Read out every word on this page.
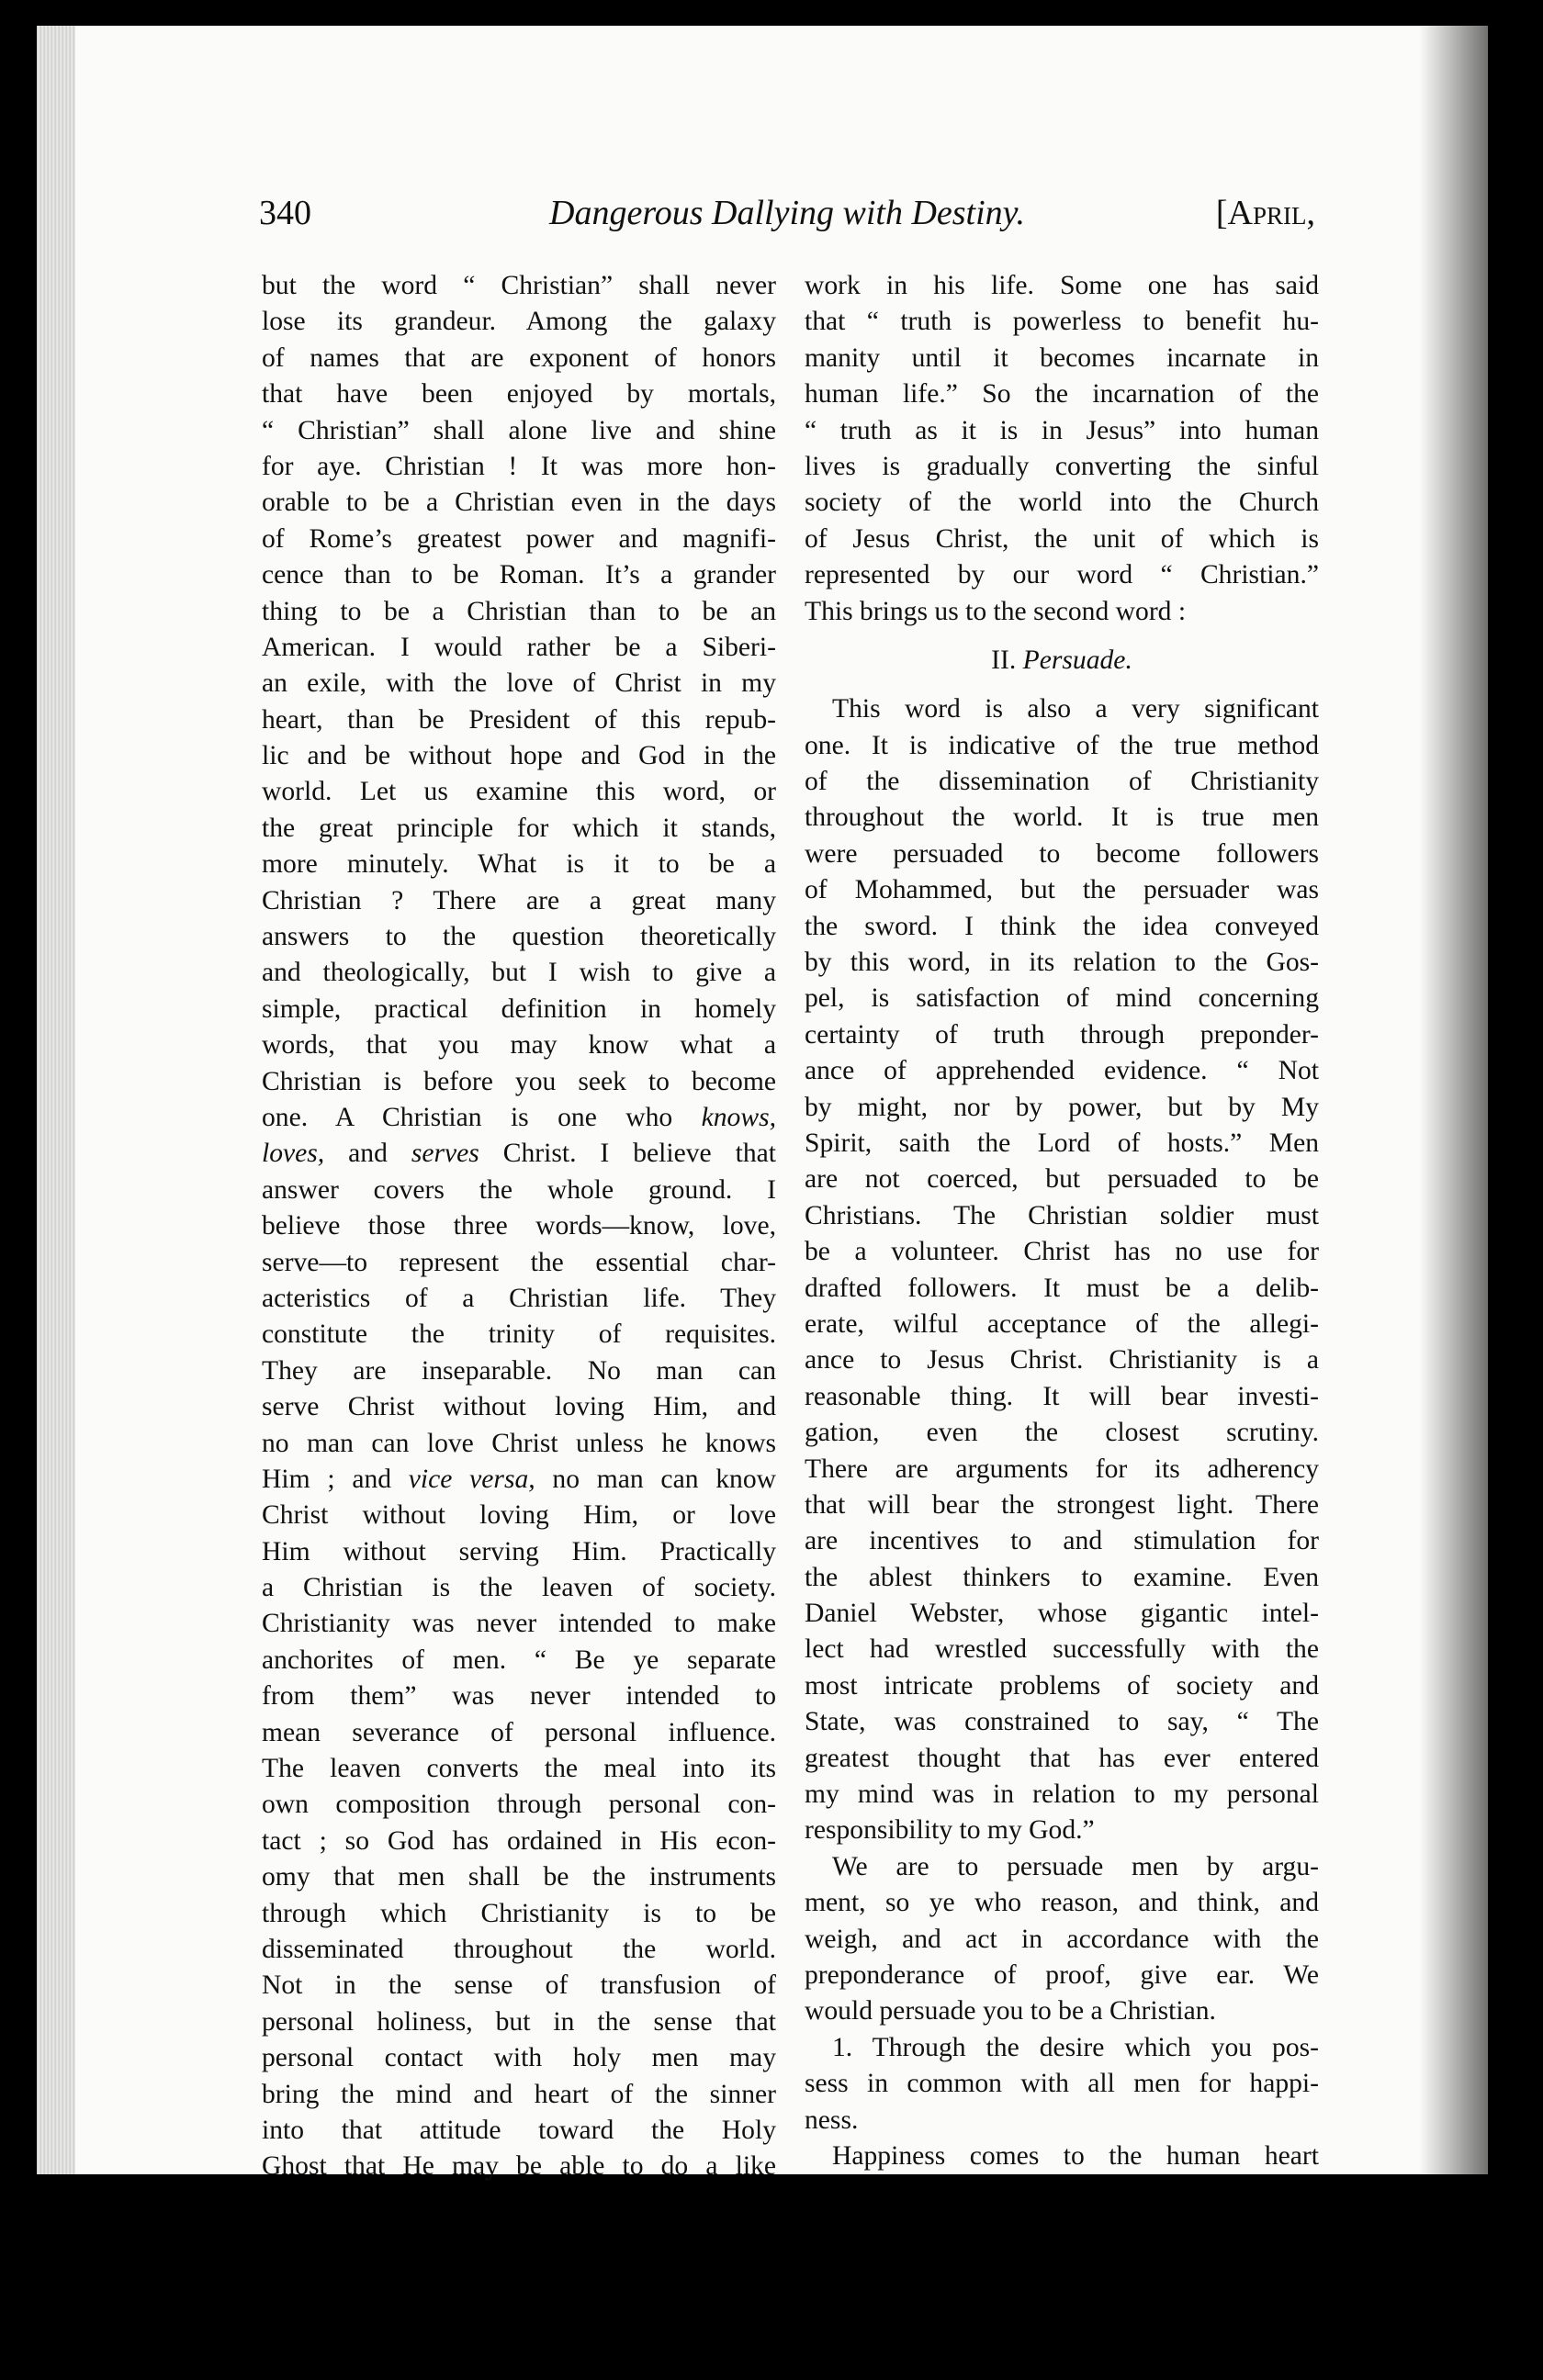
340	Dangerous Dallying with Destiny.	[April,
but the word “ Christian” shall never
lose its grandeur. Among the galaxy
of names that are exponent of honors
that have been enjoyed by mortals,
“ Christian” shall alone live and shine
for aye. Christian ! It was more hon-
orable to be a Christian even in the days
of Rome’s greatest power and magnifi-
cence than to be Roman. It’s a grander
thing to be a Christian than to be an
American. I would rather be a Siberi-
an exile, with the love of Christ in my
heart, than be President of this repub-
lic and be without hope and God in the
world. Let us examine this word, or
the great principle for which it stands,
more minutely. What is it to be a
Christian ? There are a great many
answers to the question theoretically
and theologically, but I wish to give a
simple, practical definition in homely
words, that you may know what a
Christian is before you seek to become
one. A Christian is one who knows,
loves, and serves Christ. I believe that
answer covers the whole ground. I
believe those three words—know, love,
serve—to represent the essential char-
acteristics of a Christian life. They
constitute the trinity of requisites.
They are inseparable. No man can
serve Christ without loving Him, and
no man can love Christ unless he knows
Him ; and vice versa, no man can know
Christ without loving Him, or love
Him without serving Him. Practically
a Christian is the leaven of society.
Christianity was never intended to make
anchorites of men. “ Be ye separate
from them” was never intended to
mean severance of personal influence.
The leaven converts the meal into its
own composition through personal con-
tact ; so God has ordained in His econ-
omy that men shall be the instruments
through which Christianity is to be
disseminated throughout the world.
Not in the sense of transfusion of
personal holiness, but in the sense that
personal contact with holy men may
bring the mind and heart of the sinner
into that attitude toward the Holy
Ghost that He may be able to do a like
work in his life. Some one has said
that “ truth is powerless to benefit hu-
manity until it becomes incarnate in
human life.” So the incarnation of the
“ truth as it is in Jesus” into human
lives is gradually converting the sinful
society of the world into the Church
of Jesus Christ, the unit of which is
represented by our word “ Christian.”
This brings us to the second word :
II. Persuade.
This word is also a very significant
one. It is indicative of the true method
of the dissemination of Christianity
throughout the world. It is true men
were persuaded to become followers
of Mohammed, but the persuader was
the sword. I think the idea conveyed
by this word, in its relation to the Gos-
pel, is satisfaction of mind concerning
certainty of truth through preponder-
ance of apprehended evidence. “ Not
by might, nor by power, but by My
Spirit, saith the Lord of hosts.” Men
are not coerced, but persuaded to be
Christians. The Christian soldier must
be a volunteer. Christ has no use for
drafted followers. It must be a delib-
erate, wilful acceptance of the allegi-
ance to Jesus Christ. Christianity is a
reasonable thing. It will bear investi-
gation, even the closest scrutiny.
There are arguments for its adherency
that will bear the strongest light. There
are incentives to and stimulation for
the ablest thinkers to examine. Even
Daniel Webster, whose gigantic intel-
lect had wrestled successfully with the
most intricate problems of society and
State, was constrained to say, “ The
greatest thought that has ever entered
my mind was in relation to my personal
responsibility to my God.”
We are to persuade men by argu-
ment, so ye who reason, and think, and
weigh, and act in accordance with the
preponderance of proof, give ear. We
would persuade you to be a Christian.
1. Through the desire which you pos-
sess in common with all men for happi-
ness.
Happiness comes to the human heart
